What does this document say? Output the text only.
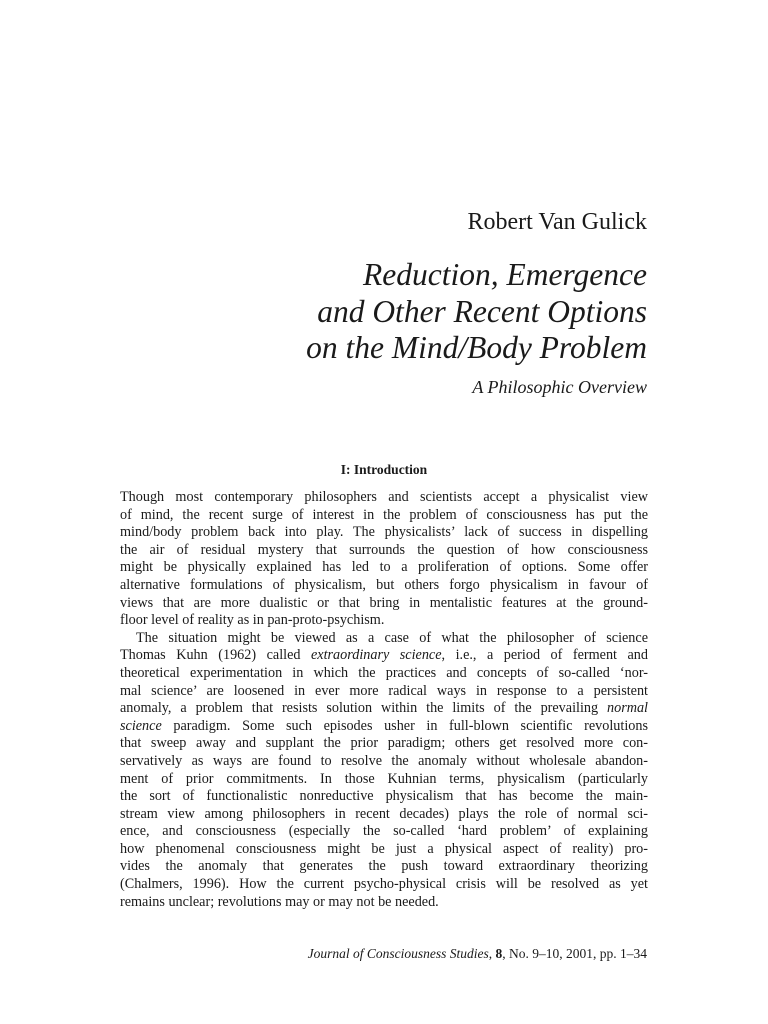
Robert Van Gulick
Reduction, Emergence
and Other Recent Options
on the Mind/Body Problem
A Philosophic Overview
I: Introduction
Though most contemporary philosophers and scientists accept a physicalist view
of mind, the recent surge of interest in the problem of consciousness has put the
mind/body problem back into play. The physicalists’ lack of success in dispelling
the air of residual mystery that surrounds the question of how consciousness
might be physically explained has led to a proliferation of options. Some offer
alternative formulations of physicalism, but others forgo physicalism in favour of
views that are more dualistic or that bring in mentalistic features at the ground-
floor level of reality as in pan-proto-psychism.
The situation might be viewed as a case of what the philosopher of science
Thomas Kuhn (1962) called extraordinary science, i.e., a period of ferment and
theoretical experimentation in which the practices and concepts of so-called ‘nor-
mal science’ are loosened in ever more radical ways in response to a persistent
anomaly, a problem that resists solution within the limits of the prevailing normal
science paradigm. Some such episodes usher in full-blown scientific revolutions
that sweep away and supplant the prior paradigm; others get resolved more con-
servatively as ways are found to resolve the anomaly without wholesale abandon-
ment of prior commitments. In those Kuhnian terms, physicalism (particularly
the sort of functionalistic nonreductive physicalism that has become the main-
stream view among philosophers in recent decades) plays the role of normal sci-
ence, and consciousness (especially the so-called ‘hard problem’ of explaining
how phenomenal consciousness might be just a physical aspect of reality) pro-
vides the anomaly that generates the push toward extraordinary theorizing
(Chalmers, 1996). How the current psycho-physical crisis will be resolved as yet
remains unclear; revolutions may or may not be needed.
Journal of Consciousness Studies, 8, No. 9–10, 2001, pp. 1–34
